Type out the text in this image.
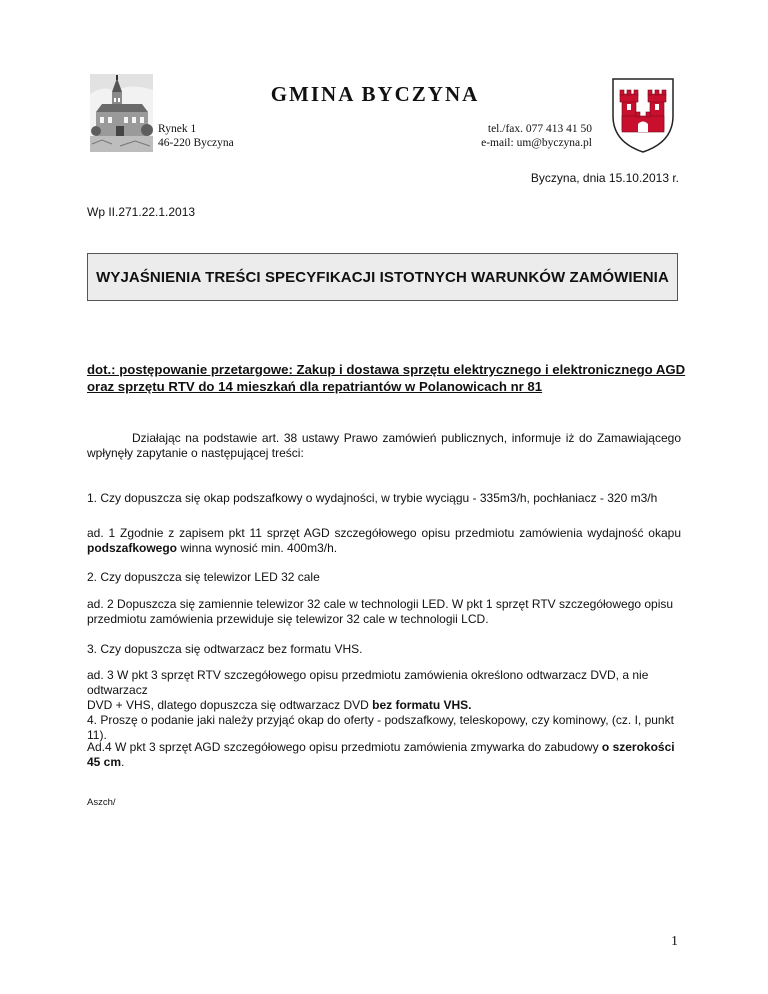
GMINA BYCZYNA
Rynek 1
46-220 Byczyna
tel./fax. 077 413 41 50
e-mail: um@byczyna.pl
Byczyna, dnia 15.10.2013 r.
Wp II.271.22.1.2013
WYJAŚNIENIA TREŚCI SPECYFIKACJI ISTOTNYCH WARUNKÓW ZAMÓWIENIA
dot.: postępowanie przetargowe: Zakup i dostawa sprzętu elektrycznego i elektronicznego AGD oraz sprzętu RTV do 14 mieszkań dla repatriantów w Polanowicach nr 81
Działając na podstawie art. 38 ustawy Prawo zamówień publicznych, informuje iż do Zamawiającego wpłynęły zapytanie o następującej treści:
1. Czy dopuszcza się okap podszafkowy o wydajności, w trybie wyciągu - 335m3/h, pochłaniacz - 320 m3/h
ad. 1 Zgodnie z zapisem pkt 11 sprzęt AGD szczegółowego opisu przedmiotu zamówienia wydajność okapu podszafkowego winna wynosić min. 400m3/h.
2. Czy dopuszcza się telewizor LED 32 cale
ad. 2 Dopuszcza się zamiennie telewizor 32 cale w technologii LED. W pkt 1 sprzęt RTV szczegółowego opisu
przedmiotu zamówienia przewiduje się telewizor 32 cale w technologii LCD.
3. Czy dopuszcza się odtwarzacz bez formatu VHS.
ad. 3 W pkt 3 sprzęt RTV szczegółowego opisu przedmiotu zamówienia określono odtwarzacz DVD, a nie odtwarzacz
DVD + VHS, dlatego dopuszcza się odtwarzacz DVD bez formatu VHS.
4. Proszę o podanie jaki należy przyjąć okap do oferty - podszafkowy, teleskopowy, czy kominowy, (cz. I, punkt 11).
Ad.4 W pkt 3 sprzęt AGD szczegółowego opisu przedmiotu zamówienia zmywarka do zabudowy o szerokości 45 cm.
Aszch/
1
